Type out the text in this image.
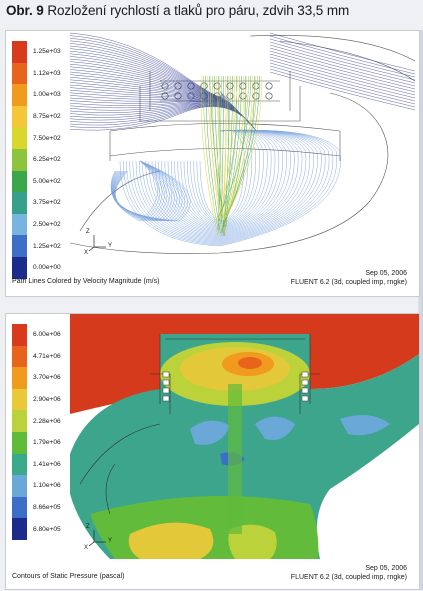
Obr. 9 Rozložení rychlostí a tlaků pro páru, zdvih 33,5 mm
1.25e+03
1.12e+03
1.00e+03
8.75e+02
7.50e+02
6.25e+02
5.00e+02
3.75e+02
2.50e+02
1.25e+02
0.00e+00
Z
Y
X
Path Lines Colored by Velocity Magnitude (m/s)
Sep 05, 2006
FLUENT 6.2 (3d, coupled imp, rngke)
6.00e+06
4.71e+06
3.70e+06
2.90e+06
2.28e+06
1.79e+06
1.41e+06
1.10e+06
8.66e+05
6.80e+05	Z
Y
X
Contours of Static Pressure (pascal)
Sep 05, 2006
FLUENT 6.2 (3d, coupled imp, rngke)
